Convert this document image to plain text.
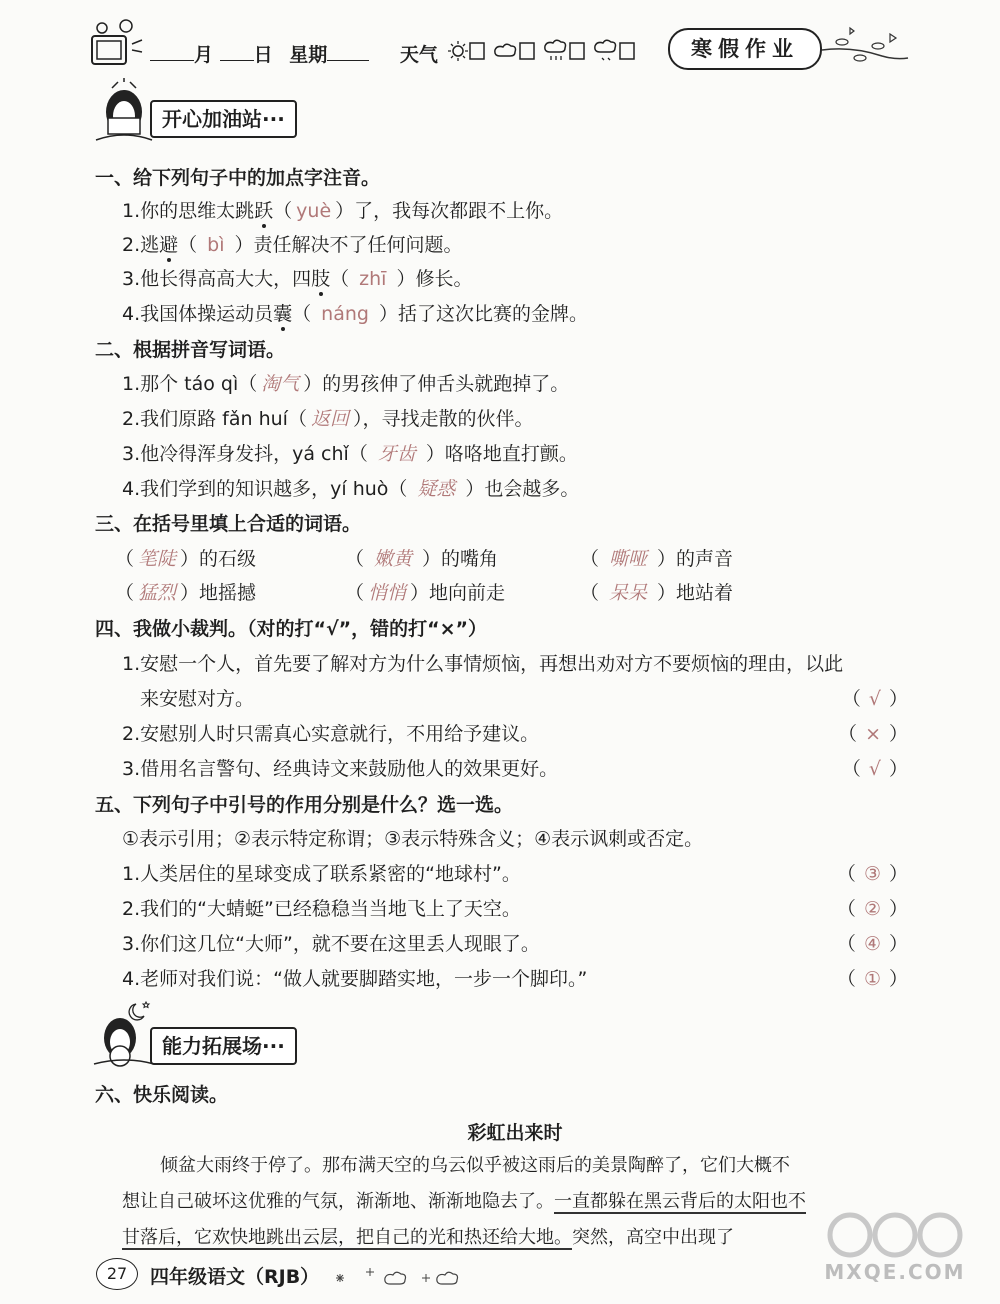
月 日 星期	天气	寒假作业
开心加油站···
一、给下列句子中的加点字注音。
1.你的思维太跳跃（ yuè ）了，我每次都跟不上你。
2.逃避（ bì ）责任解决不了任何问题。
3.他长得高高大大，四肢（ zhī ）修长。
4.我国体操运动员囊（ náng ）括了这次比赛的金牌。
二、根据拼音写词语。
1.那个 táo qì（ 淘气 ）的男孩伸了伸舌头就跑掉了。
2.我们原路 fǎn huí（ 返回 ），寻找走散的伙伴。
3.他冷得浑身发抖，yá chǐ（ 牙齿 ）咯咯地直打颤。
4.我们学到的知识越多，yí huò（ 疑惑 ）也会越多。
三、在括号里填上合适的词语。
（ 笔陡 ）的石级	（ 嫩黄 ）的嘴角	（ 嘶哑 ）的声音
（ 猛烈 ）地摇撼	（ 悄悄 ）地向前走	（ 呆呆 ）地站着
四、我做小裁判。（对的打“√”，错的打“×”）
1.安慰一个人，首先要了解对方为什么事情烦恼，再想出劝对方不要烦恼的理由，以此
来安慰对方。	（ √ ）
2.安慰别人时只需真心实意就行，不用给予建议。	（ × ）
3.借用名言警句、经典诗文来鼓励他人的效果更好。	（ √ ）
五、下列句子中引号的作用分别是什么？选一选。
①表示引用；②表示特定称谓；③表示特殊含义；④表示讽刺或否定。
1.人类居住的星球变成了联系紧密的“地球村”。	（ ③ ）
2.我们的“大蜻蜓”已经稳稳当当地飞上了天空。	（ ② ）
3.你们这几位“大师”，就不要在这里丢人现眼了。	（ ④ ）
4.老师对我们说：“做人就要脚踏实地，一步一个脚印。”	（ ① ）
能力拓展场···
六、快乐阅读。
彩虹出来时
倾盆大雨终于停了。那布满天空的乌云似乎被这雨后的美景陶醉了，它们大概不
想让自己破坏这优雅的气氛，渐渐地、渐渐地隐去了。一直都躲在黑云背后的太阳也不
甘落后，它欢快地跳出云层，把自己的光和热还给大地。突然，高空中出现了
27	四年级语文（RJB）	MXQE.COM
